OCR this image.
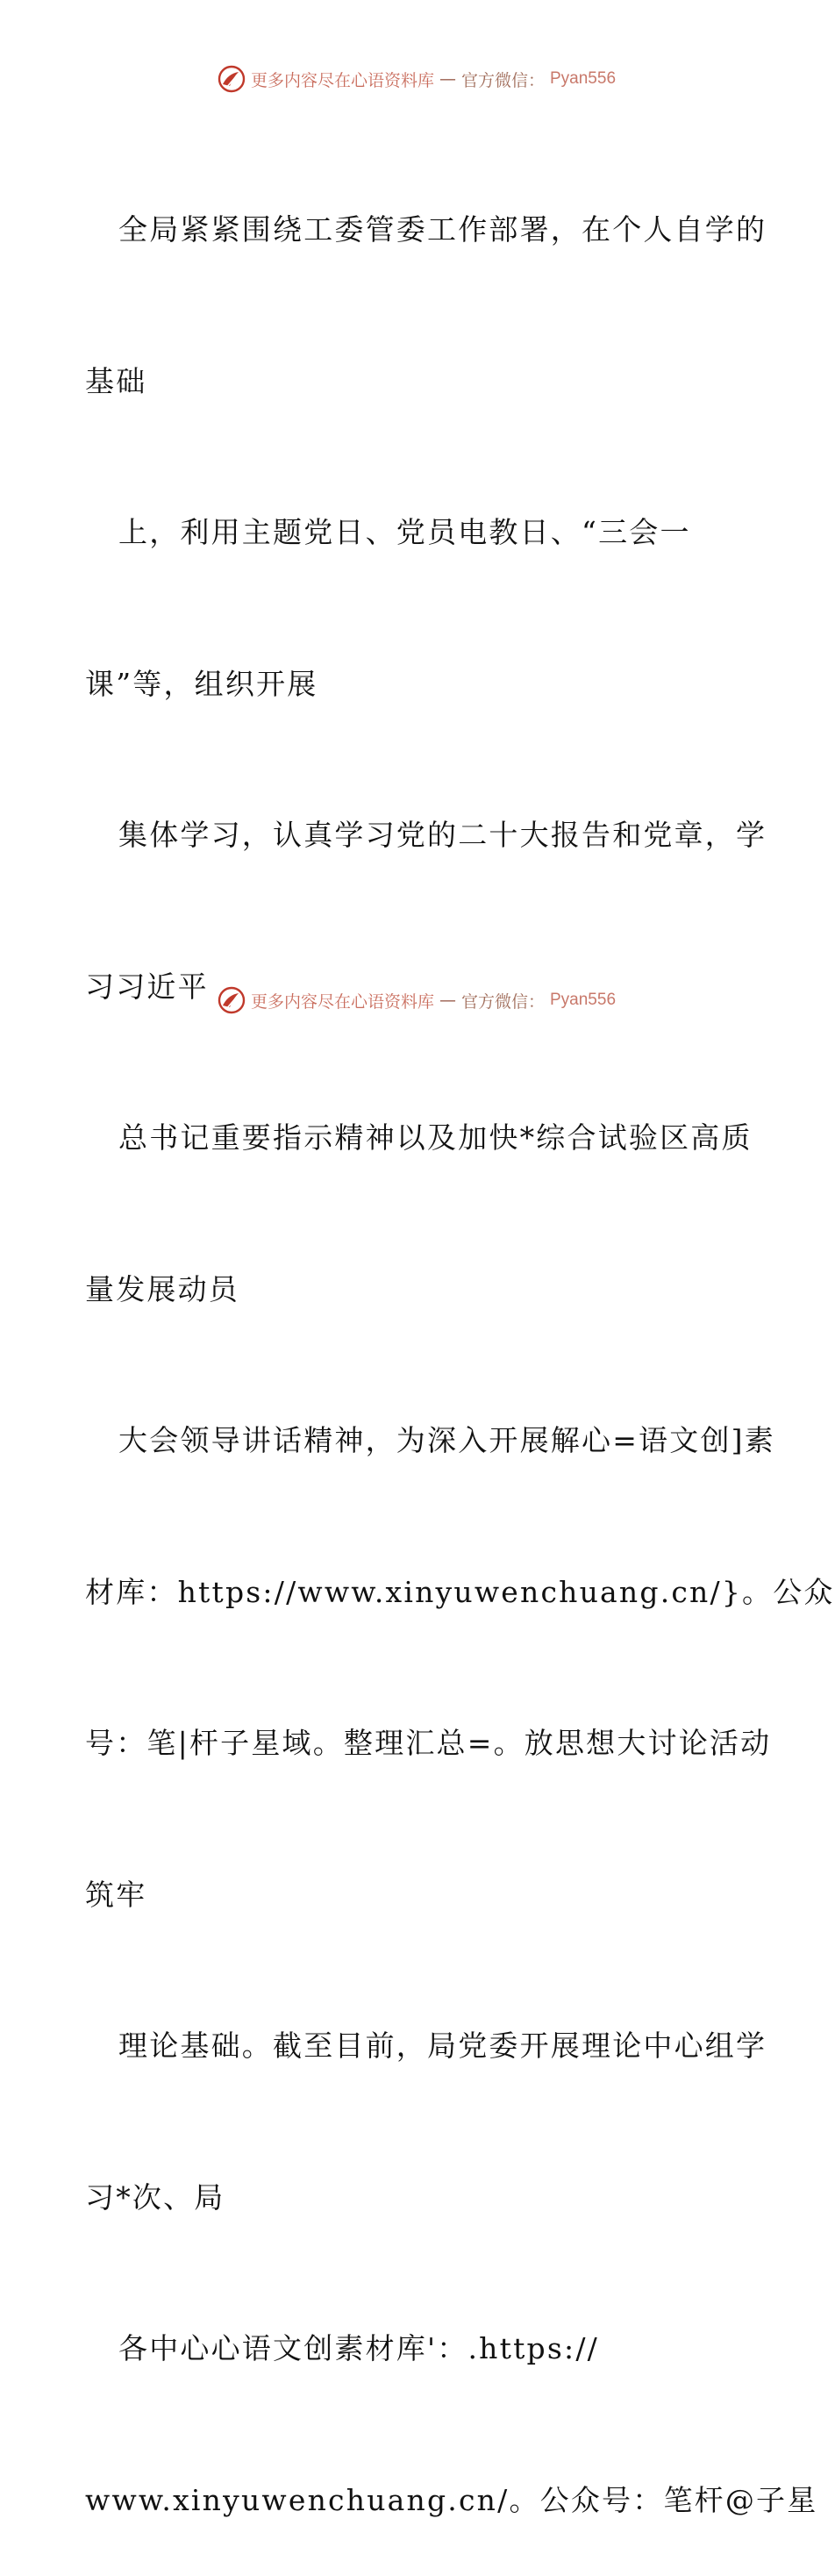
更多内容尽在心语资料库 — 官方微信： Pyan556

全局紧紧围绕工委管委工作部署，在个人自学的

基础

上，利用主题党日、党员电教日、“三会一

课”等，组织开展

集体学习，认真学习党的二十大报告和党章，学

习习近平

总书记重要指示精神以及加快*综合试验区高质

量发展动员

大会领导讲话精神，为深入开展解心=语文创]素

材库：https://www.xinyuwenchuang.cn/}。公众

号：笔|杆子星域。整理汇总=。放思想大讨论活动

筑牢

理论基础。截至目前，局党委开展理论中心组学

习*次、局

各中心心语文创素材库'：.https://

www.xinyuwenchuang.cn/。公众号：笔杆@子星

更多内容尽在心语资料库 — 官方微信： Pyan556
